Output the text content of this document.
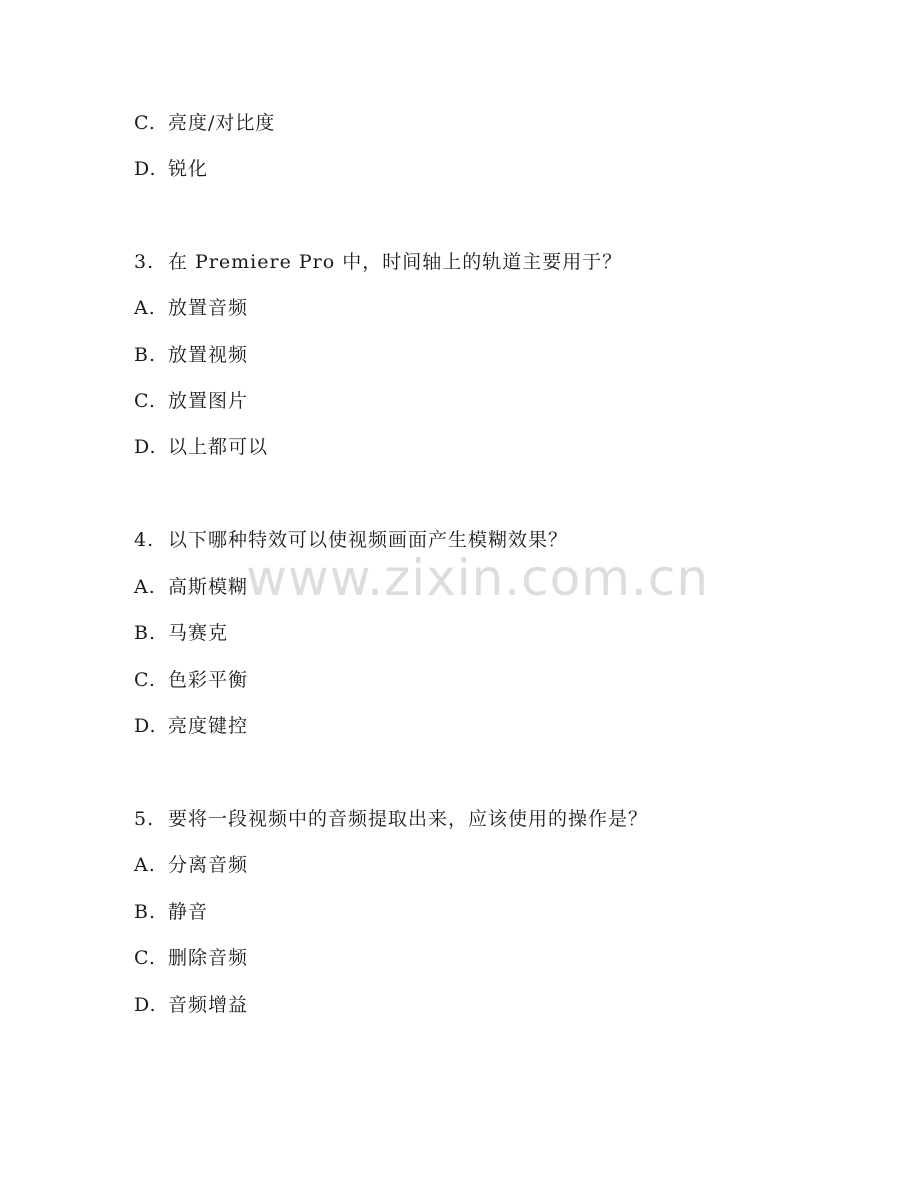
C. 亮度/对比度
D. 锐化
3. 在 Premiere Pro 中，时间轴上的轨道主要用于？
A. 放置音频
B. 放置视频
C. 放置图片
D. 以上都可以
4. 以下哪种特效可以使视频画面产生模糊效果？
A. 高斯模糊
B. 马赛克
C. 色彩平衡
D. 亮度键控
5. 要将一段视频中的音频提取出来，应该使用的操作是？
A. 分离音频
B. 静音
C. 删除音频
D. 音频增益
www.zixin.com.cn
